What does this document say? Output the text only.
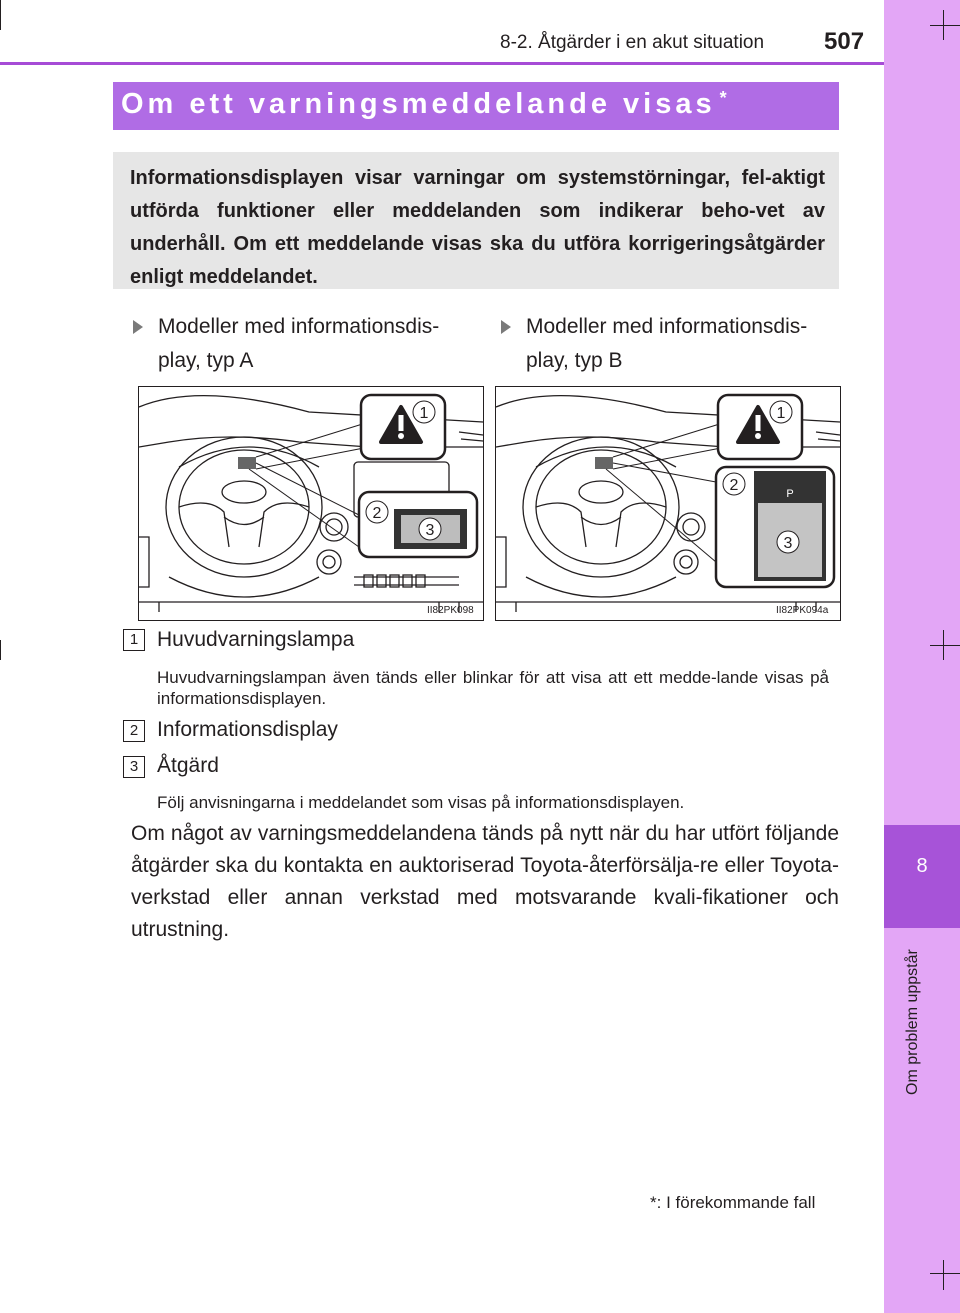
8-2. Åtgärder i en akut situation 507
8
Om problem uppstår
Om ett varningsmeddelande visas *

Informationsdisplayen visar varningar om systemstörningar, fel-aktigt utförda funktioner eller meddelanden som indikerar beho-vet av underhåll. Om ett meddelande visas ska du utföra korrigeringsåtgärder enligt meddelandet.

Modeller med informationsdis-
play, typ A
Modeller med informationsdis-
play, typ B
1
2
3
II82PK098
P
2
1
3
II82PK094a
1 Huvudvarningslampa
Huvudvarningslampan även tänds eller blinkar för att visa att ett medde-lande visas på informationsdisplayen.
2 Informationsdisplay
3 Åtgärd
Följ anvisningarna i meddelandet som visas på informationsdisplayen.
Om något av varningsmeddelandena tänds på nytt när du har utfört följande åtgärder ska du kontakta en auktoriserad Toyota-återförsälja-re eller Toyota-verkstad eller annan verkstad med motsvarande kvali-fikationer och utrustning.
*: I förekommande fall
